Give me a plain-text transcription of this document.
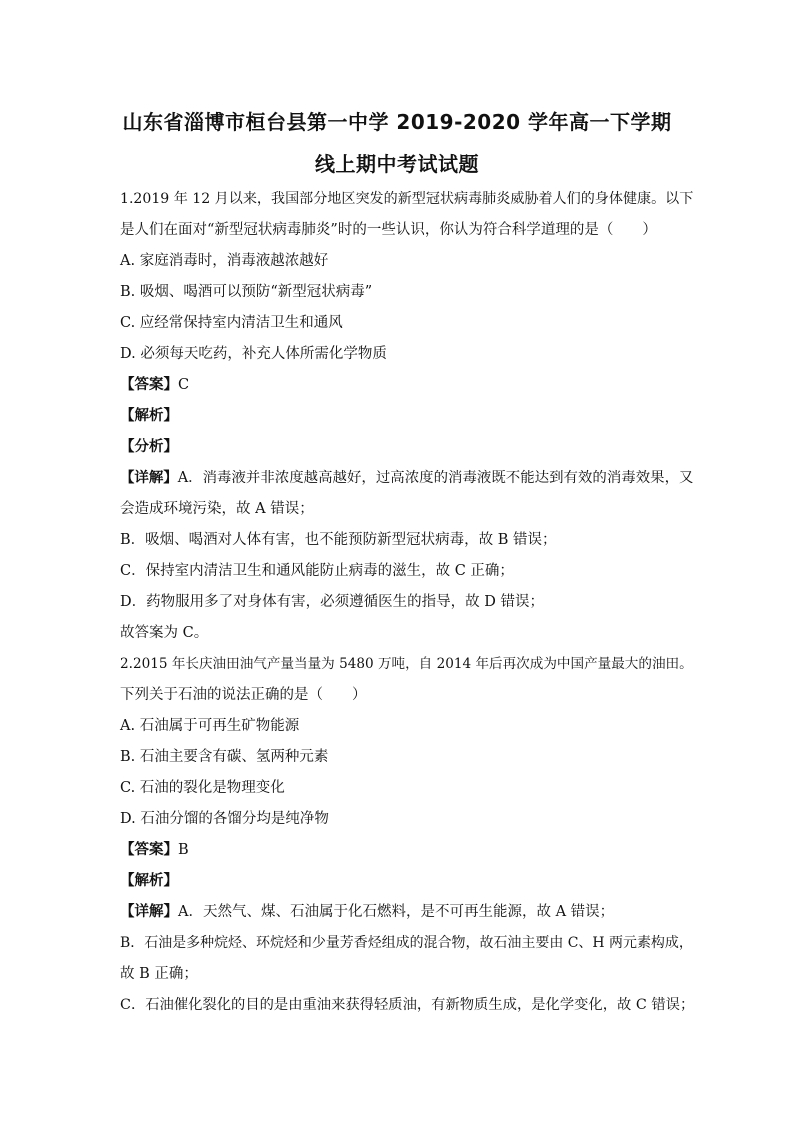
山东省淄博市桓台县第一中学 2019-2020 学年高一下学期
线上期中考试试题
1.2019 年 12 月以来，我国部分地区突发的新型冠状病毒肺炎威胁着人们的身体健康。以下
是人们在面对“新型冠状病毒肺炎”时的一些认识，你认为符合科学道理的是（　　）
A. 家庭消毒时，消毒液越浓越好
B. 吸烟、喝酒可以预防“新型冠状病毒”
C. 应经常保持室内清洁卫生和通风
D. 必须每天吃药，补充人体所需化学物质
【答案】C
【解析】
【分析】
【详解】A．消毒液并非浓度越高越好，过高浓度的消毒液既不能达到有效的消毒效果，又
会造成环境污染，故 A 错误；
B．吸烟、喝酒对人体有害，也不能预防新型冠状病毒，故 B 错误；
C．保持室内清洁卫生和通风能防止病毒的滋生，故 C 正确；
D．药物服用多了对身体有害，必须遵循医生的指导，故 D 错误；
故答案为 C。
2.2015 年长庆油田油气产量当量为 5480 万吨，自 2014 年后再次成为中国产量最大的油田。
下列关于石油的说法正确的是（　　）
A. 石油属于可再生矿物能源
B. 石油主要含有碳、氢两种元素
C. 石油的裂化是物理变化
D. 石油分馏的各馏分均是纯净物
【答案】B
【解析】
【详解】A．天然气、煤、石油属于化石燃料，是不可再生能源，故 A 错误；
B．石油是多种烷烃、环烷烃和少量芳香烃组成的混合物，故石油主要由 C、H 两元素构成，
故 B 正确；
C．石油催化裂化的目的是由重油来获得轻质油，有新物质生成，是化学变化，故 C 错误；
